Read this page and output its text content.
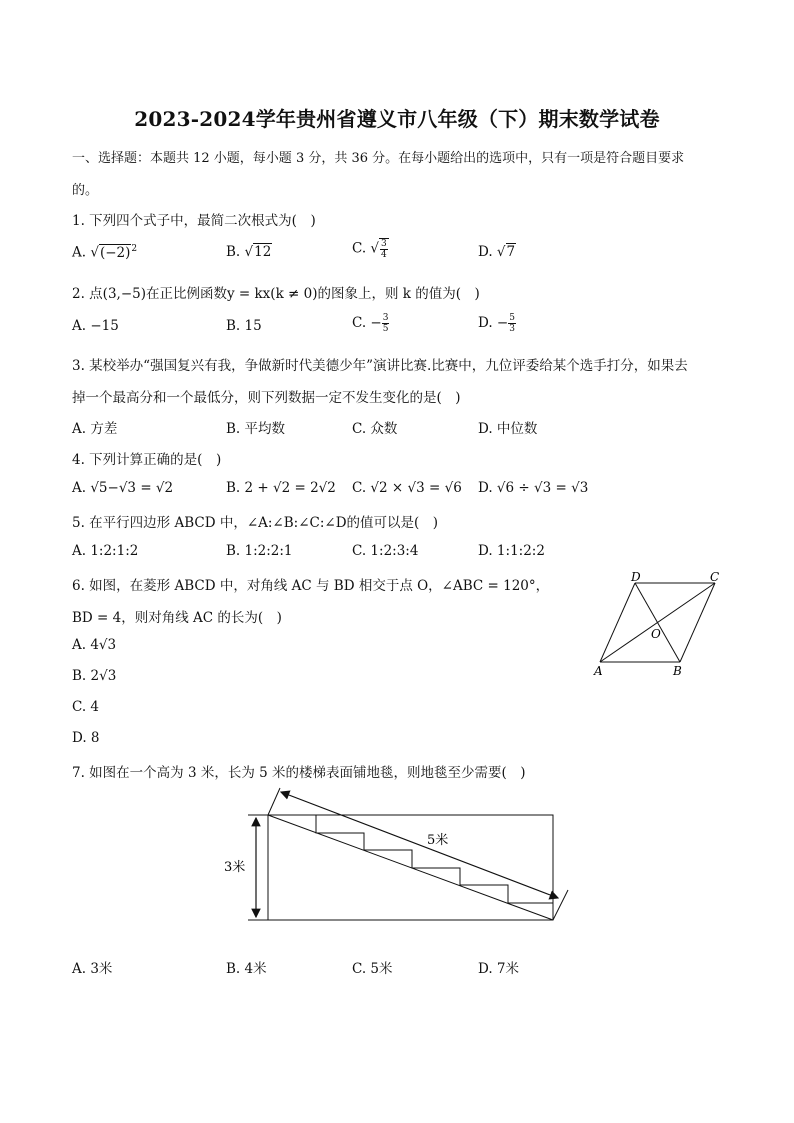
2023-2024学年贵州省遵义市八年级（下）期末数学试卷
一、选择题：本题共 12 小题，每小题 3 分，共 36 分。在每小题给出的选项中，只有一项是符合题目要求
的。
1. 下列四个式子中，最简二次根式为(　)
A. $√(-2)^2$	B. √12	C. √ $\frac{3}{4}$	D. √7
2. 点(3,−5)在正比例函数y = kx(k ≠ 0)的图象上，则 k 的值为(　)
A. −15	B. 15	C. − $\frac{3}{5}$	D. − $\frac{5}{3}$
3. 某校举办“强国复兴有我，争做新时代美德少年”演讲比赛.比赛中，九位评委给某个选手打分，如果去
掉一个最高分和一个最低分，则下列数据一定不发生变化的是(　)
A. 方差	B. 平均数	C. 众数	D. 中位数
4. 下列计算正确的是(　)
A. √5−√3 = √2	B. 2 + √2 = 2√2 C. √2 × √3 = √6 D. √6 ÷ √3 = √3
5. 在平行四边形 ABCD 中，∠A:∠B:∠C:∠D的值可以是(　)
A. 1:2:1:2	B. 1:2:2:1	C. 1:2:3:4	D. 1:1:2:2
6. 如图，在菱形 ABCD 中，对角线 AC 与 BD 相交于点 O，∠ABC = 120°，
BD = 4，则对角线 AC 的长为(　)
A. 4√3
B. 2√3
C. 4
D. 8
D	C
A	B
O
7. 如图在一个高为 3 米，长为 5 米的楼梯表面铺地毯，则地毯至少需要(　)
3米
5米
A. 3米	B. 4米	C. 5米	D. 7米
